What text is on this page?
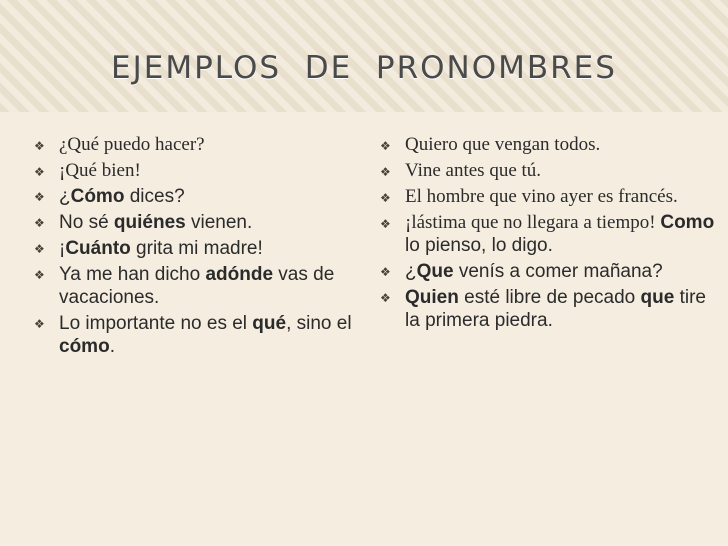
EJEMPLOS  DE  PRONOMBRES
❖ ¿Qué puedo hacer?
❖ ¡Qué bien!
❖ ¿Cómo dices?
❖ No sé quiénes vienen.
❖ ¡Cuánto grita mi madre!
❖ Ya me han dicho adónde vas de vacaciones.
❖ Lo importante no es el qué, sino el cómo.
❖ Quiero que vengan todos.
❖ Vine antes que tú.
❖ El hombre que vino ayer es francés.
❖ ¡lástima que no llegara a tiempo! Como lo pienso, lo digo.
❖ ¿Que venís a comer mañana?
❖ Quien esté libre de pecado que tire la primera piedra.
